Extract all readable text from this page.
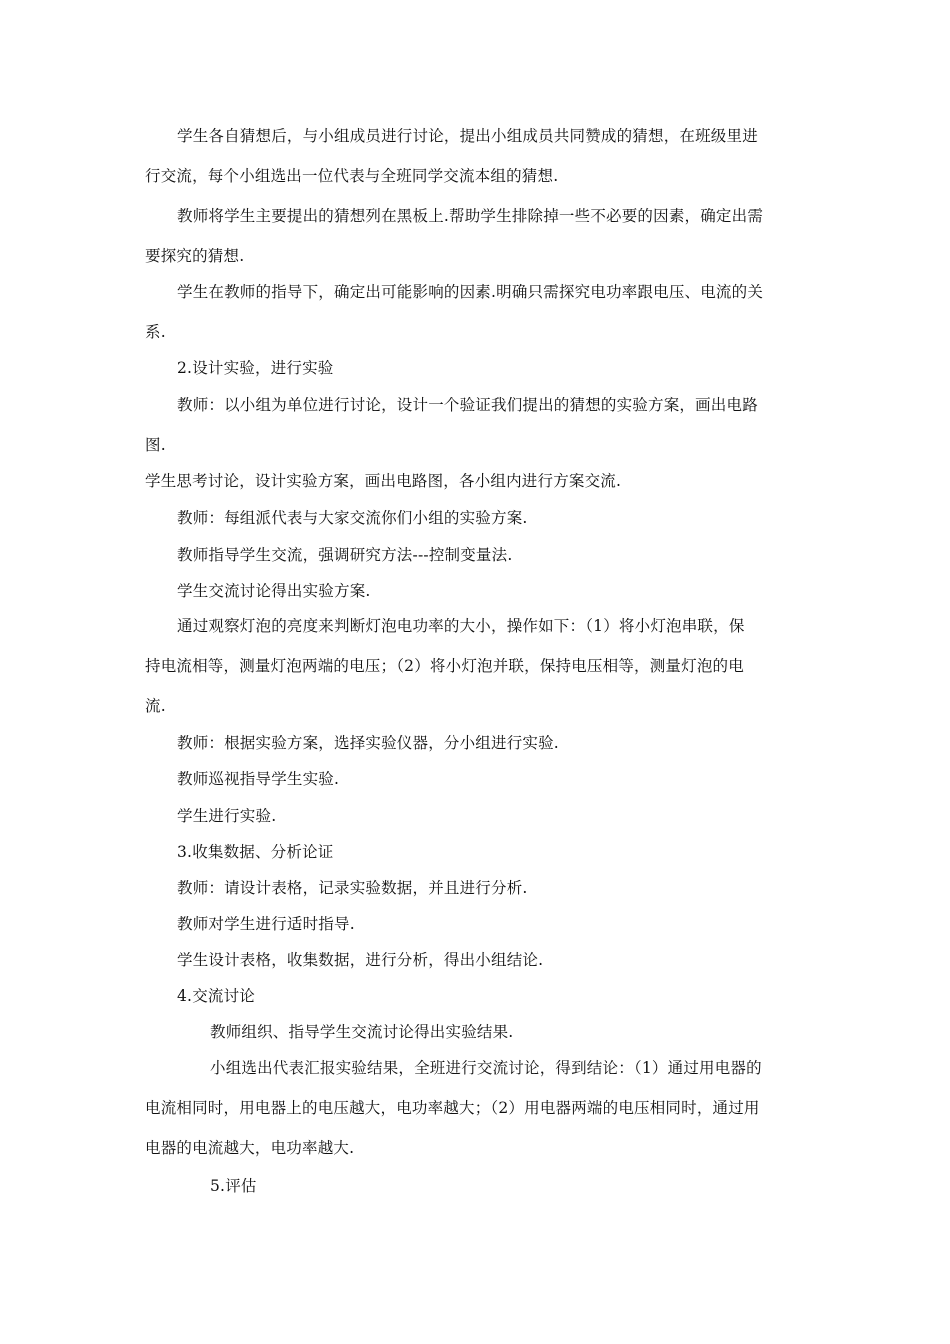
学生各自猜想后，与小组成员进行讨论，提出小组成员共同赞成的猜想，在班级里进
行交流，每个小组选出一位代表与全班同学交流本组的猜想.
教师将学生主要提出的猜想列在黑板上.帮助学生排除掉一些不必要的因素，确定出需
要探究的猜想.
学生在教师的指导下，确定出可能影响的因素.明确只需探究电功率跟电压、电流的关
系.
2.设计实验，进行实验
教师：以小组为单位进行讨论，设计一个验证我们提出的猜想的实验方案，画出电路
图.
学生思考讨论，设计实验方案，画出电路图，各小组内进行方案交流.
教师：每组派代表与大家交流你们小组的实验方案.
教师指导学生交流，强调研究方法---控制变量法.
学生交流讨论得出实验方案.
通过观察灯泡的亮度来判断灯泡电功率的大小，操作如下：（1）将小灯泡串联，保
持电流相等，测量灯泡两端的电压；（2）将小灯泡并联，保持电压相等，测量灯泡的电
流.
教师：根据实验方案，选择实验仪器，分小组进行实验.
教师巡视指导学生实验.
学生进行实验.
3.收集数据、分析论证
教师：请设计表格，记录实验数据，并且进行分析.
教师对学生进行适时指导.
学生设计表格，收集数据，进行分析，得出小组结论.
4.交流讨论
教师组织、指导学生交流讨论得出实验结果.
小组选出代表汇报实验结果，全班进行交流讨论，得到结论：（1）通过用电器的
电流相同时，用电器上的电压越大，电功率越大；（2）用电器两端的电压相同时，通过用
电器的电流越大，电功率越大.
5.评估
